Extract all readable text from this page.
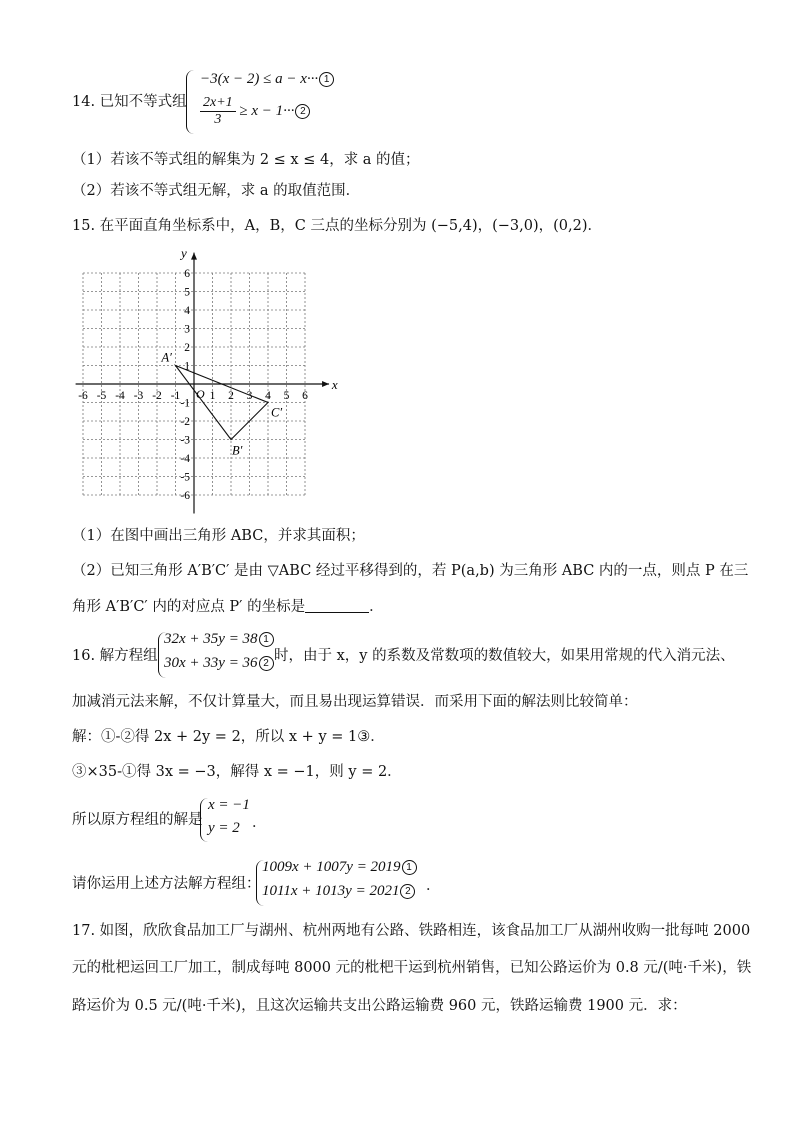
14. 已知不等式组
−3(x − 2) ≤ a − x··· 1
$\frac{2x+1}{3} \ge x - 1\cdot\cdot\cdot 2$
（1）若该不等式组的解集为 2 ≤ x ≤ 4，求 a 的值；
（2）若该不等式组无解，求 a 的取值范围．
15. 在平面直角坐标系中，A，B，C 三点的坐标分别为 (−5,4)，(−3,0)，(0,2)．
x
y
O
-6 -5 -4 -3 -2 -1	1 2 3 4 5 6
6
5
4
3
2
1
-1
-2
-3
-4
-5
-6
A′
B′
C′
（1）在图中画出三角形 ABC，并求其面积；
（2）已知三角形 A′B′C′ 是由 ▽ABC 经过平移得到的，若 P(a,b) 为三角形 ABC 内的一点，则点 P 在三
角形 A′B′C′ 内的对应点 P′ 的坐标是	．
16. 解方程组
32x + 35y = 38 1
30x + 33y = 36 2 时，由于 x，y 的系数及常数项的数值较大，如果用常规的代入消元法、
加减消元法来解，不仅计算量大，而且易出现运算错误．而采用下面的解法则比较简单：
解：①-②得 2x + 2y = 2，所以 x + y = 1③．
③×35-①得 3x = −3，解得 x = −1，则 y = 2．
所以原方程组的解是
x = −1
y = 2 ．
请你运用上述方法解方程组：
1009x + 1007y = 2019 1
1011x + 1013y = 2021 2	．
17. 如图，欣欣食品加工厂与湖州、杭州两地有公路、铁路相连，该食品加工厂从湖州收购一批每吨 2000
元的枇杷运回工厂加工，制成每吨 8000 元的枇杷干运到杭州销售，已知公路运价为 0.8 元/(吨·千米)，铁
路运价为 0.5 元/(吨·千米)，且这次运输共支出公路运输费 960 元，铁路运输费 1900 元．求：
